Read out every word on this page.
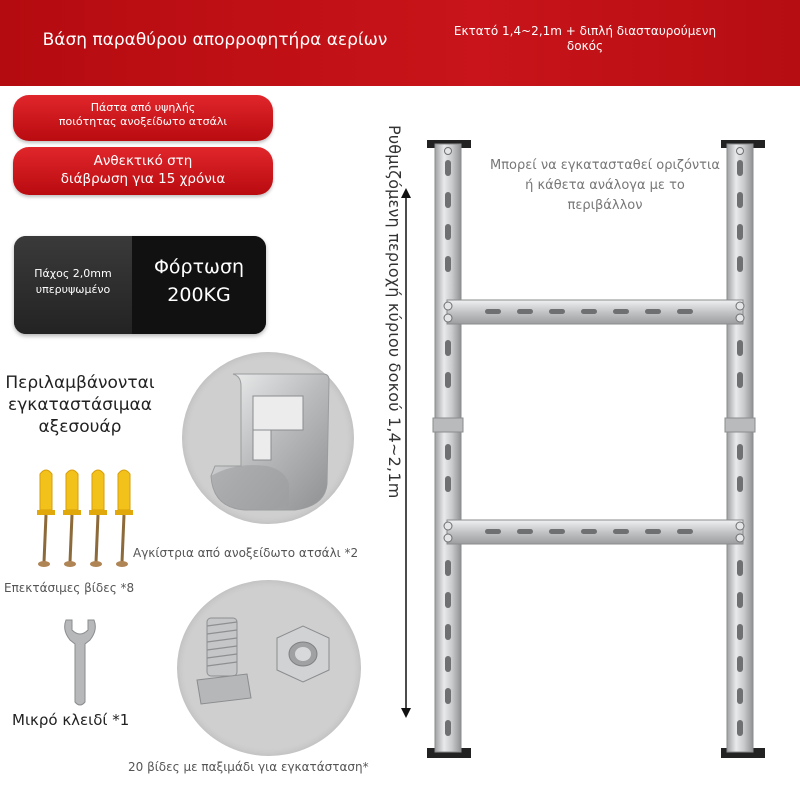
Βάση παραθύρου απορροφητήρα αερίων	Εκτατό 1,4~2,1m + διπλή διασταυρούμενη δοκός
Πάστα από υψηλής
ποιότητας ανοξείδωτο ατσάλι
Ανθεκτικό στη
διάβρωση για 15 χρόνια
Πάχος 2,0mm
υπερυψωμένο
Φόρτωση
200KG
Περιλαμβάνονται
εγκαταστάσιμαα
αξεσουάρ
Αγκίστρια από ανοξείδωτο ατσάλι *2
Επεκτάσιμες βίδες *8
Μικρό κλειδί *1
20 βίδες με παξιμάδι για εγκατάσταση*
Ρυθμιζόμενη περιοχή κύριου δοκού 1,4~2,1m	Μπορεί να εγκατασταθεί οριζόντια ή κάθετα ανάλογα με το περιβάλλον
